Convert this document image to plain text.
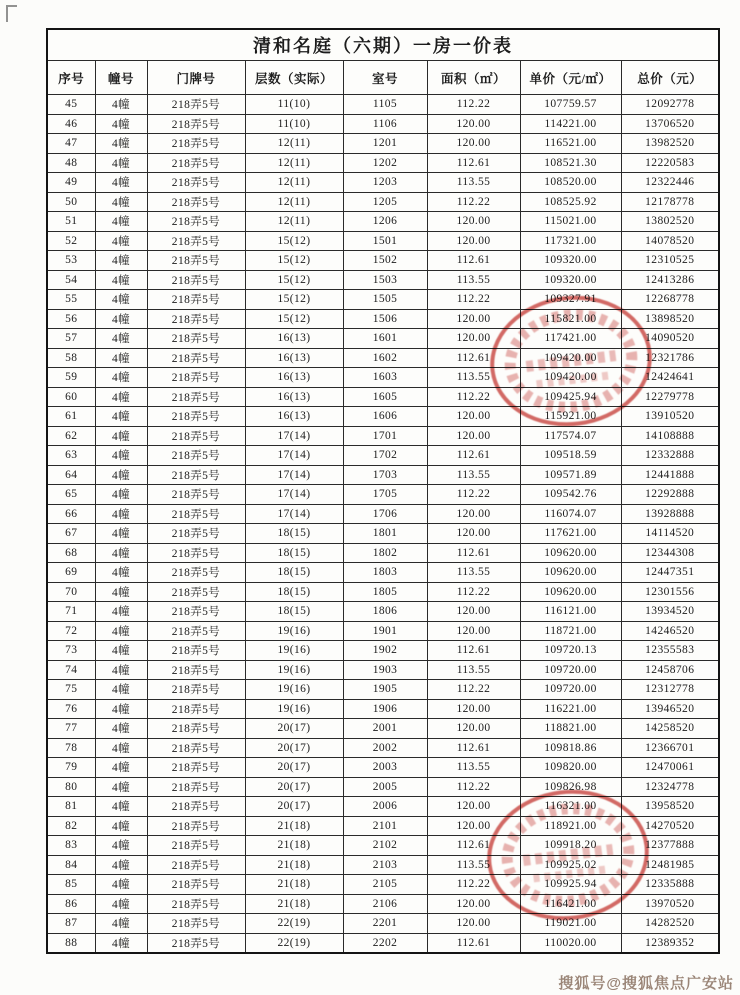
清和名庭（六期）一房一价表							
序号	幢号	门牌号	层数（实际）	室号	面积（㎡）	单价（元/㎡）	总价（元）
45	4幢	218弄5号	11(10)	1105	112.22	107759.57	12092778
46	4幢	218弄5号	11(10)	1106	120.00	114221.00	13706520
47	4幢	218弄5号	12(11)	1201	120.00	116521.00	13982520
48	4幢	218弄5号	12(11)	1202	112.61	108521.30	12220583
49	4幢	218弄5号	12(11)	1203	113.55	108520.00	12322446
50	4幢	218弄5号	12(11)	1205	112.22	108525.92	12178778
51	4幢	218弄5号	12(11)	1206	120.00	115021.00	13802520
52	4幢	218弄5号	15(12)	1501	120.00	117321.00	14078520
53	4幢	218弄5号	15(12)	1502	112.61	109320.00	12310525
54	4幢	218弄5号	15(12)	1503	113.55	109320.00	12413286
55	4幢	218弄5号	15(12)	1505	112.22	109327.91	12268778
56	4幢	218弄5号	15(12)	1506	120.00	115821.00	13898520
57	4幢	218弄5号	16(13)	1601	120.00	117421.00	14090520
58	4幢	218弄5号	16(13)	1602	112.61	109420.00	12321786
59	4幢	218弄5号	16(13)	1603	113.55	109420.00	12424641
60	4幢	218弄5号	16(13)	1605	112.22	109425.94	12279778
61	4幢	218弄5号	16(13)	1606	120.00	115921.00	13910520
62	4幢	218弄5号	17(14)	1701	120.00	117574.07	14108888
63	4幢	218弄5号	17(14)	1702	112.61	109518.59	12332888
64	4幢	218弄5号	17(14)	1703	113.55	109571.89	12441888
65	4幢	218弄5号	17(14)	1705	112.22	109542.76	12292888
66	4幢	218弄5号	17(14)	1706	120.00	116074.07	13928888
67	4幢	218弄5号	18(15)	1801	120.00	117621.00	14114520
68	4幢	218弄5号	18(15)	1802	112.61	109620.00	12344308
69	4幢	218弄5号	18(15)	1803	113.55	109620.00	12447351
70	4幢	218弄5号	18(15)	1805	112.22	109620.00	12301556
71	4幢	218弄5号	18(15)	1806	120.00	116121.00	13934520
72	4幢	218弄5号	19(16)	1901	120.00	118721.00	14246520
73	4幢	218弄5号	19(16)	1902	112.61	109720.13	12355583
74	4幢	218弄5号	19(16)	1903	113.55	109720.00	12458706
75	4幢	218弄5号	19(16)	1905	112.22	109720.00	12312778
76	4幢	218弄5号	19(16)	1906	120.00	116221.00	13946520
77	4幢	218弄5号	20(17)	2001	120.00	118821.00	14258520
78	4幢	218弄5号	20(17)	2002	112.61	109818.86	12366701
79	4幢	218弄5号	20(17)	2003	113.55	109820.00	12470061
80	4幢	218弄5号	20(17)	2005	112.22	109826.98	12324778
81	4幢	218弄5号	20(17)	2006	120.00	116321.00	13958520
82	4幢	218弄5号	21(18)	2101	120.00	118921.00	14270520
83	4幢	218弄5号	21(18)	2102	112.61	109918.20	12377888
84	4幢	218弄5号	21(18)	2103	113.55	109925.02	12481985
85	4幢	218弄5号	21(18)	2105	112.22	109925.94	12335888
86	4幢	218弄5号	21(18)	2106	120.00	116421.00	13970520
87	4幢	218弄5号	22(19)	2201	120.00	119021.00	14282520
88	4幢	218弄5号	22(19)	2202	112.61	110020.00	12389352
搜狐号@搜狐焦点广安站
